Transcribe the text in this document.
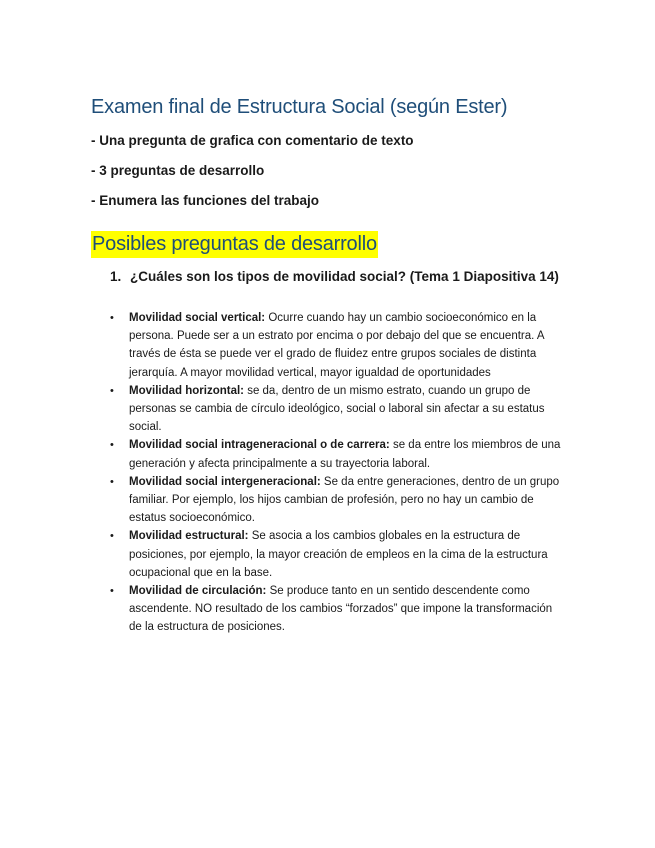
Examen final de Estructura Social (según Ester)
- Una pregunta de grafica con comentario de texto
- 3 preguntas de desarrollo
- Enumera las funciones del trabajo
Posibles preguntas de desarrollo
1. ¿Cuáles son los tipos de movilidad social? (Tema 1 Diapositiva 14)
• Movilidad social vertical: Ocurre cuando hay un cambio socioeconómico en la persona. Puede ser a un estrato por encima o por debajo del que se encuentra. A través de ésta se puede ver el grado de fluidez entre grupos sociales de distinta jerarquía. A mayor movilidad vertical, mayor igualdad de oportunidades
• Movilidad horizontal: se da, dentro de un mismo estrato, cuando un grupo de personas se cambia de círculo ideológico, social o laboral sin afectar a su estatus social.
• Movilidad social intrageneracional o de carrera: se da entre los miembros de una generación y afecta principalmente a su trayectoria laboral.
• Movilidad social intergeneracional: Se da entre generaciones, dentro de un grupo familiar. Por ejemplo, los hijos cambian de profesión, pero no hay un cambio de estatus socioeconómico.
• Movilidad estructural: Se asocia a los cambios globales en la estructura de posiciones, por ejemplo, la mayor creación de empleos en la cima de la estructura ocupacional que en la base.
• Movilidad de circulación: Se produce tanto en un sentido descendente como ascendente. NO resultado de los cambios “forzados” que impone la transformación de la estructura de posiciones.
